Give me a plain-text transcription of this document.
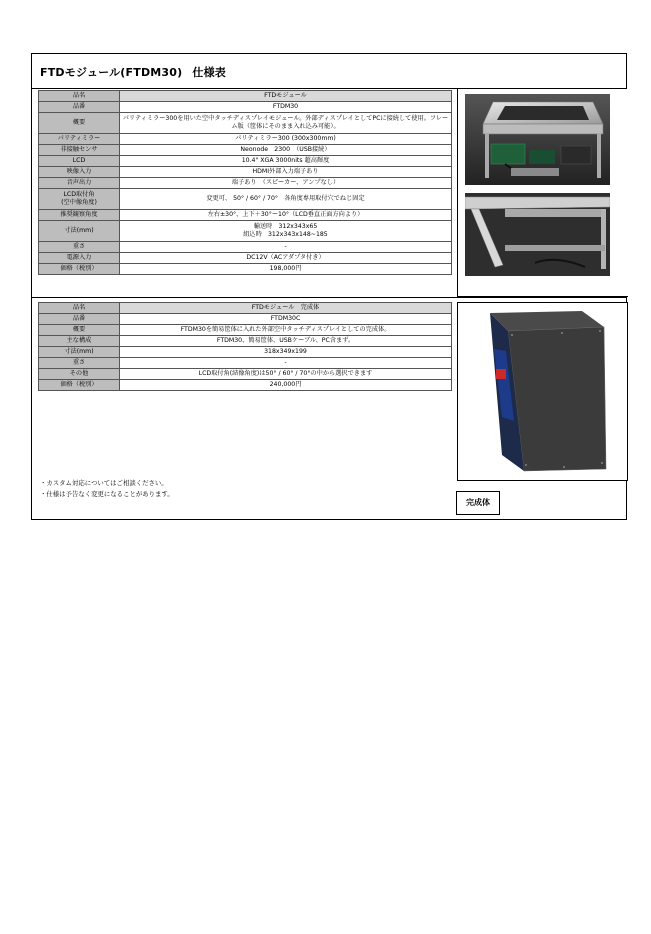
FTDモジュール(FTDM30) 仕様表
品名	FTDモジュール
品番	FTDM30
概要	パリティミラー300を用いた空中タッチディスプレイモジュール。外部ディスプレイとしてPCに接続して使用。フレーム版（筐体にそのまま入れ込み可能）。
パリティミラー	パリティミラー300 (300x300mm)
非接触センサ	Neonode　2300　（USB接続）
LCD	10.4" XGA 3000nits 超高輝度
映像入力	HDMI外部入力端子あり
音声出力	端子あり　（スピーカー、アンプなし）
LCD取付角
(空中像角度)	変更可、 50° / 60° / 70°　各角度専用取付穴でねじ固定
推奨観察角度	左右±30°、上下＋30°ー10°（LCD垂直正面方向より）
寸法(mm)	輸送時　312x343x65
組込時　312x343x148~185
重さ	-
電源入力	DC12V（ACアダプタ付き）
価格（税別）	198,000円
品名	FTDモジュール　完成体
品番	FTDM30C
概要	FTDM30を簡易筐体に入れた外部空中タッチディスプレイとしての完成体。
主な構成	FTDM30、簡易筐体、USBケーブル、PC含まず。
寸法(mm)	318x349x199
重さ	-
その他	LCD取付角(結像角度)は50° / 60° / 70°の中から選択できます
価格（税別）	240,000円
・カスタム対応についてはご相談ください。
・仕様は予告なく変更になることがあります。
完成体
